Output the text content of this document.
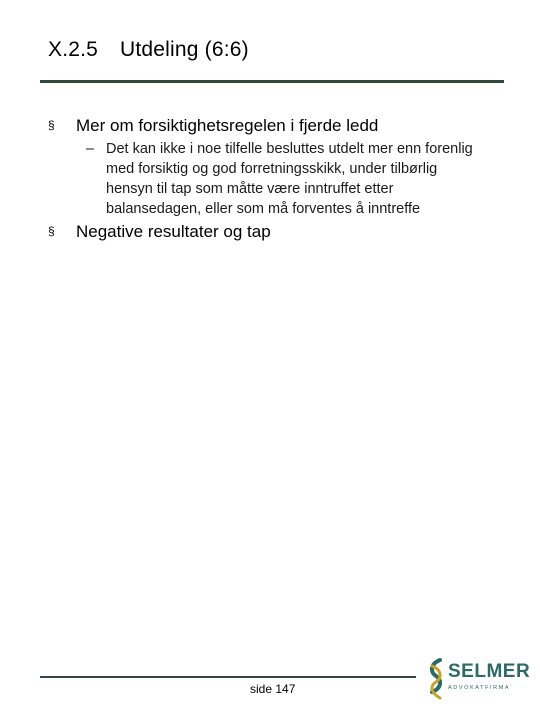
X.2.5 Utdeling (6:6)
§ Mer om forsiktighetsregelen i fjerde ledd
– Det kan ikke i noe tilfelle besluttes utdelt mer enn forenlig med forsiktig og god forretningsskikk, under tilbørlig hensyn til tap som måtte være inntruffet etter balansedagen, eller som må forventes å inntreffe
§ Negative resultater og tap
side 147
SELMER
ADVOKATFIRMA
